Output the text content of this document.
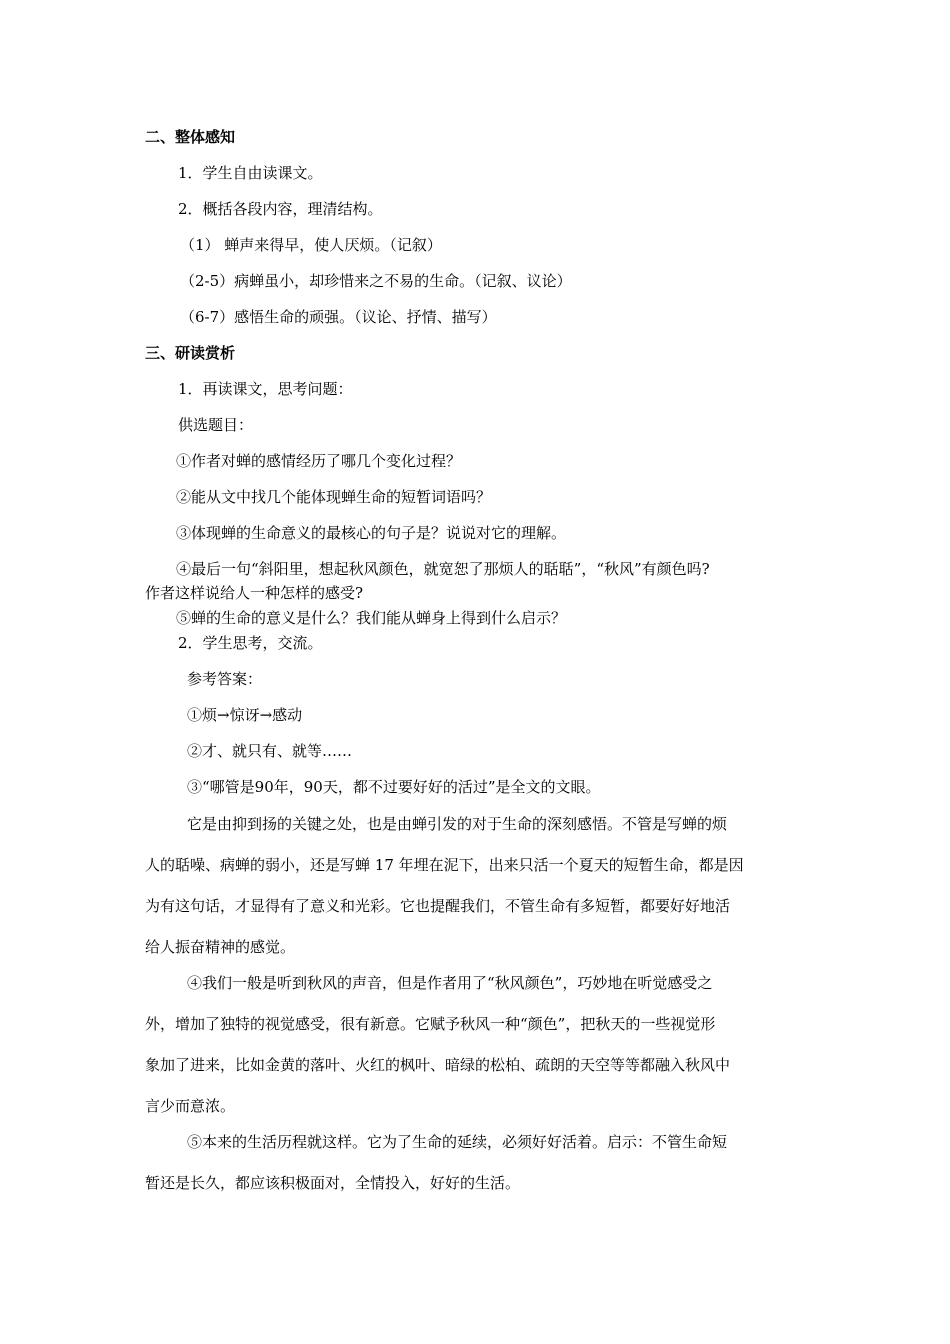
二、整体感知

1．学生自由读课文。

2．概括各段内容，理清结构。

（1） 蝉声来得早，使人厌烦。（记叙）

（2-5）病蝉虽小，却珍惜来之不易的生命。（记叙、议论）

（6-7）感悟生命的顽强。（议论、抒情、描写）

三、研读赏析

1．再读课文，思考问题：

供选题目：

①作者对蝉的感情经历了哪几个变化过程？

②能从文中找几个能体现蝉生命的短暂词语吗？

③体现蝉的生命意义的最核心的句子是？说说对它的理解。

④最后一句“斜阳里，想起秋风颜色，就宽恕了那烦人的聒聒”，“秋风”有颜色吗?

作者这样说给人一种怎样的感受?

⑤蝉的生命的意义是什么？我们能从蝉身上得到什么启示？

2．学生思考，交流。

参考答案：

①烦→惊讶→感动

②才、就只有、就等……

③“哪管是90年，90天，都不过要好好的活过”是全文的文眼。

它是由抑到扬的关键之处，也是由蝉引发的对于生命的深刻感悟。不管是写蝉的烦

人的聒噪、病蝉的弱小，还是写蝉 17 年埋在泥下，出来只活一个夏天的短暂生命，都是因

为有这句话，才显得有了意义和光彩。它也提醒我们，不管生命有多短暂，都要好好地活

给人振奋精神的感觉。

④我们一般是听到秋风的声音，但是作者用了“秋风颜色”，巧妙地在听觉感受之

外，增加了独特的视觉感受，很有新意。它赋予秋风一种“颜色”，把秋天的一些视觉形

象加了进来，比如金黄的落叶、火红的枫叶、暗绿的松柏、疏朗的天空等等都融入秋风中

言少而意浓。

⑤本来的生活历程就这样。它为了生命的延续，必须好好活着。启示：不管生命短

暂还是长久，都应该积极面对，全情投入，好好的生活。
